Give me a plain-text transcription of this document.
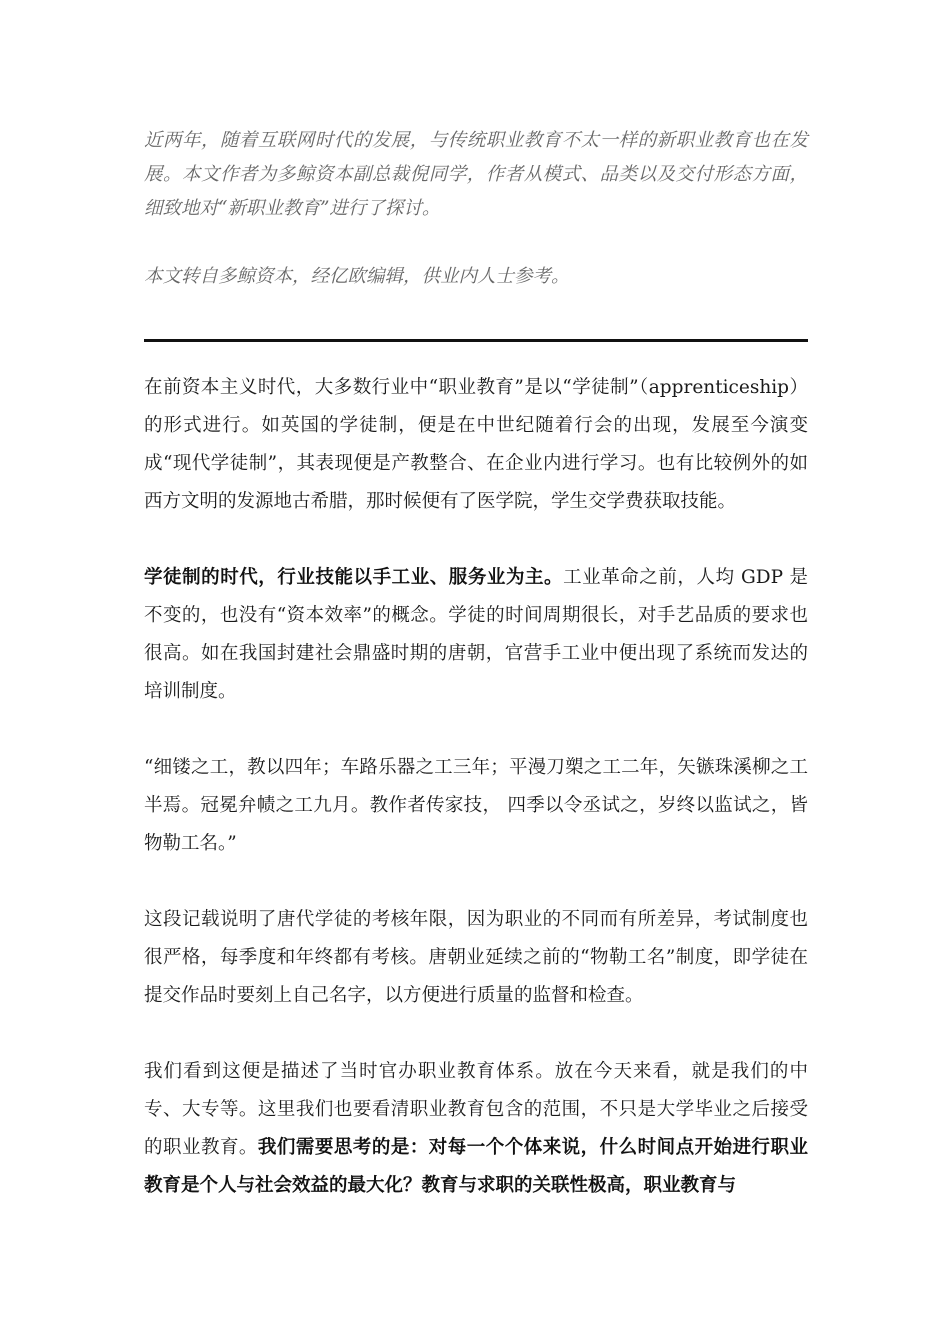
近两年，随着互联网时代的发展，与传统职业教育不太一样的新职业教育也在发展。本文作者为多鲸资本副总裁倪同学，作者从模式、品类以及交付形态方面，细致地对“新职业教育”进行了探讨。

本文转自多鲸资本，经亿欧编辑，供业内人士参考。

在前资本主义时代，大多数行业中“职业教育”是以“学徒制”（apprenticeship）的形式进行。如英国的学徒制，便是在中世纪随着行会的出现，发展至今演变成“现代学徒制”，其表现便是产教整合、在企业内进行学习。也有比较例外的如西方文明的发源地古希腊，那时候便有了医学院，学生交学费获取技能。

学徒制的时代，行业技能以手工业、服务业为主。工业革命之前，人均 GDP 是不变的，也没有“资本效率”的概念。学徒的时间周期很长，对手艺品质的要求也很高。如在我国封建社会鼎盛时期的唐朝，官营手工业中便出现了系统而发达的培训制度。

“细镂之工，教以四年；车路乐器之工三年；平漫刀槊之工二年，矢镞珠溪柳之工半焉。冠冕弁帻之工九月。教作者传家技， 四季以令丞试之，岁终以监试之，皆物勒工名。”

这段记载说明了唐代学徒的考核年限，因为职业的不同而有所差异，考试制度也很严格，每季度和年终都有考核。唐朝业延续之前的“物勒工名”制度，即学徒在提交作品时要刻上自己名字，以方便进行质量的监督和检查。

我们看到这便是描述了当时官办职业教育体系。放在今天来看，就是我们的中专、大专等。这里我们也要看清职业教育包含的范围，不只是大学毕业之后接受的职业教育。我们需要思考的是：对每一个个体来说，什么时间点开始进行职业教育是个人与社会效益的最大化？教育与求职的关联性极高，职业教育与
